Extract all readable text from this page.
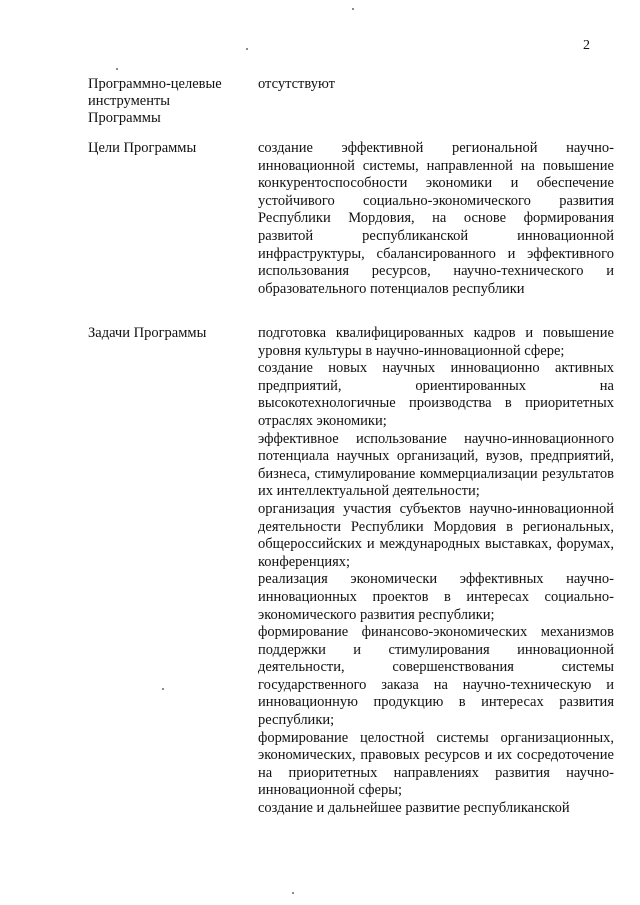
2
Программно-целевые инструменты Программы

отсутствуют

Цели Программы	создание эффективной региональной научно-инновационной системы, направленной на повышение конкурентоспособности экономики и обеспечение устойчивого социально-экономического развития Республики Мордовия, на основе формирования развитой республиканской инновационной инфраструктуры, сбалансированного и эффективного использования ресурсов, научно-технического и образовательного потенциалов республики

Задачи Программы	подготовка квалифицированных кадров и повышение уровня культуры в научно-инновационной сфере;

создание новых научных инновационно активных предприятий, ориентированных на высокотехнологичные производства в приоритетных отраслях экономики;

эффективное использование научно-инновационного потенциала научных организаций, вузов, предприятий, бизнеса, стимулирование коммерциализации результатов их интеллектуальной деятельности;

организация участия субъектов научно-инновационной деятельности Республики Мордовия в региональных, общероссийских и международных выставках, форумах, конференциях;

реализация экономически эффективных научно-инновационных проектов в интересах социально-экономического развития республики;

формирование финансово-экономических механизмов поддержки и стимулирования инновационной деятельности, совершенствования системы государственного заказа на научно-техническую и инновационную продукцию в интересах развития республики;

формирование целостной системы организационных, экономических, правовых ресурсов и их сосредоточение на приоритетных направлениях развития научно-инновационной сферы;

создание и дальнейшее развитие республиканской
